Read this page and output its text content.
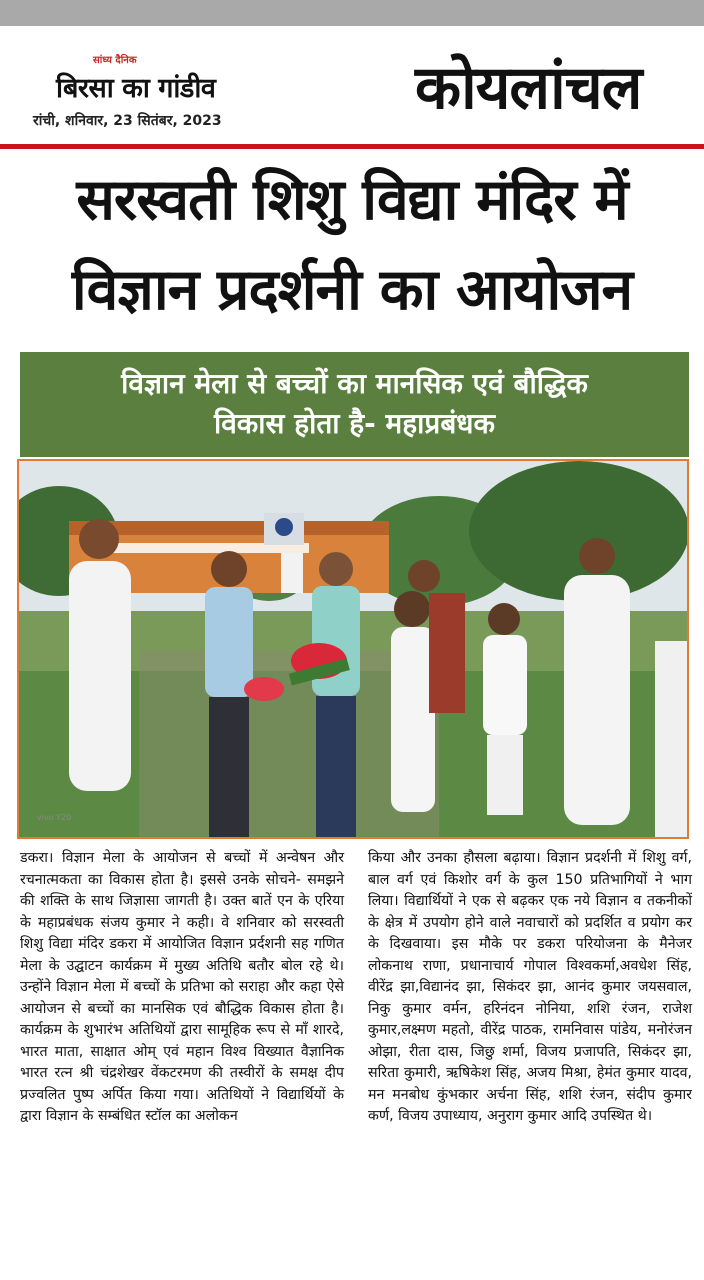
सांध्य दैनिक
बिरसा का गांडीव
रांची, शनिवार, 23 सितंबर, 2023	कोयलांचल
सरस्वती शिशु विद्या मंदिर में
विज्ञान प्रदर्शनी का आयोजन
विज्ञान मेला से बच्चों का मानसिक एवं बौद्धिक
विकास होता है- महाप्रबंधक
vivo Y20
डकरा। विज्ञान मेला के आयोजन से बच्चों में अन्वेषन और रचनात्मकता का विकास होता है। इससे उनके सोचने- समझने की शक्ति के साथ जिज्ञासा जागती है। उक्त बातें एन के एरिया के महाप्रबंधक संजय कुमार ने कही। वे शनिवार को सरस्वती शिशु विद्या मंदिर डकरा में आयोजित विज्ञान प्रर्दशनी सह गणित मेला के उद्घाटन कार्यक्रम में मुख्य अतिथि बतौर बोल रहे थे। उन्होंने विज्ञान मेला में बच्चों के प्रतिभा को सराहा और कहा ऐसे आयोजन से बच्चों का मानसिक एवं बौद्धिक विकास होता है। कार्यक्रम के शुभारंभ अतिथियों द्वारा सामूहिक रूप से माँ शारदे, भारत माता, साक्षात ओम् एवं महान विश्व विख्यात वैज्ञानिक भारत रत्न श्री चंद्रशेखर वेंकटरमण की तस्वीरों के समक्ष दीप प्रज्वलित पुष्प अर्पित किया गया। अतिथियों ने विद्यार्थियों के द्वारा विज्ञान के सम्बंधित स्टॉल का अलोकन
किया और उनका हौसला बढ़ाया। विज्ञान प्रदर्शनी में शिशु वर्ग, बाल वर्ग एवं किशोर वर्ग के कुल 150 प्रतिभागियों ने भाग लिया। विद्यार्थियों ने एक से बढ़कर एक नये विज्ञान व तकनीकों के क्षेत्र में उपयोग होने वाले नवाचारों को प्रदर्शित व प्रयोग कर के दिखवाया। इस मौके पर डकरा परियोजना के मैनेजर लोकनाथ राणा, प्रधानाचार्य गोपाल विश्वकर्मा,अवधेश सिंह, वीरेंद्र झा,विद्यानंद झा, सिकंदर झा, आनंद कुमार जयसवाल, निकु कुमार वर्मन, हरिनंदन नोनिया, शशि रंजन, राजेश कुमार,लक्ष्मण महतो, वीरेंद्र पाठक, रामनिवास पांडेय, मनोरंजन ओझा, रीता दास, जिछु शर्मा, विजय प्रजापति, सिकंदर झा, सरिता कुमारी, ऋषिकेश सिंह, अजय मिश्रा, हेमंत कुमार यादव, मन मनबोध कुंभकार अर्चना सिंह, शशि रंजन, संदीप कुमार कर्ण, विजय उपाध्याय, अनुराग कुमार आदि उपस्थित थे।
